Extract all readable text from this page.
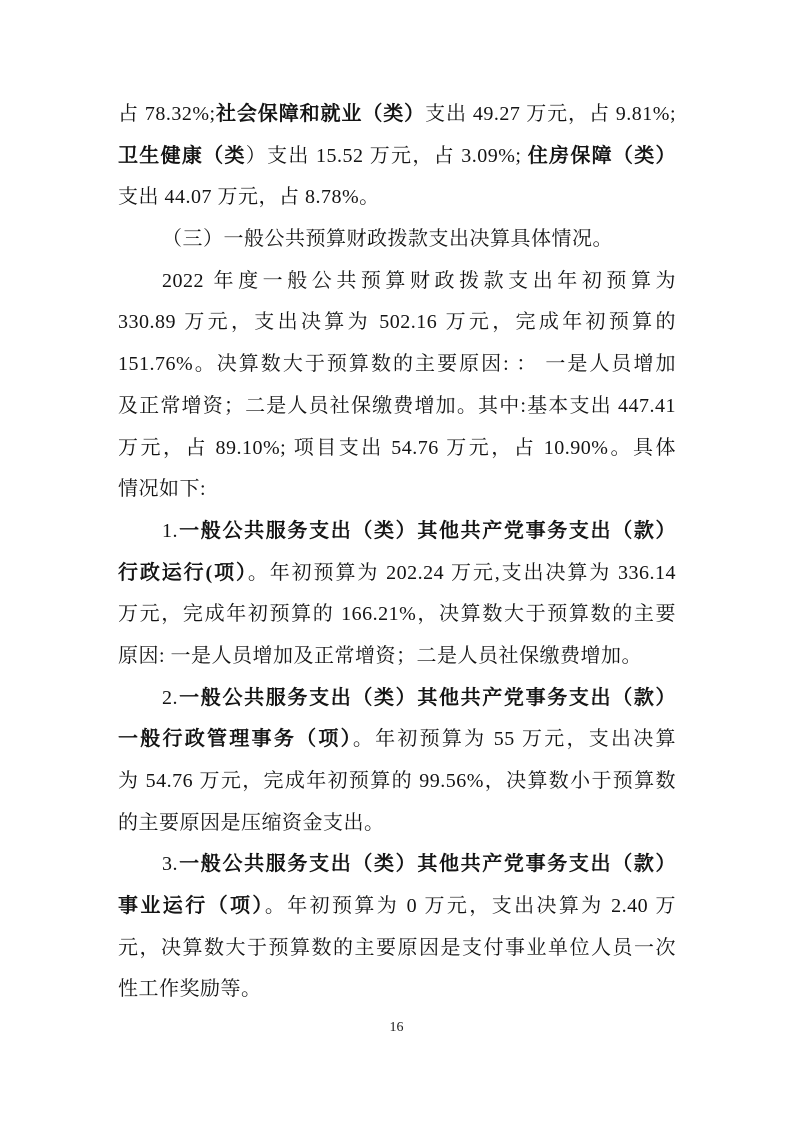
占 78.32%;社会保障和就业（类）支出 49.27 万元，占 9.81%;
卫生健康（类）支出 15.52 万元，占 3.09%; 住房保障（类）
支出 44.07 万元，占 8.78%。
（三）一般公共预算财政拨款支出决算具体情况。
2022 年度一般公共预算财政拨款支出年初预算为
330.89 万元，支出决算为 502.16 万元，完成年初预算的
151.76%。决算数大于预算数的主要原因: ： 一是人员增加
及正常增资；二是人员社保缴费增加。其中:基本支出 447.41
万元，占 89.10%; 项目支出 54.76 万元，占 10.90%。具体
情况如下:
1.一般公共服务支出（类）其他共产党事务支出（款）
行政运行(项）。年初预算为 202.24 万元,支出决算为 336.14
万元，完成年初预算的 166.21%，决算数大于预算数的主要
原因: 一是人员增加及正常增资；二是人员社保缴费增加。
2.一般公共服务支出（类）其他共产党事务支出（款）
一般行政管理事务（项）。年初预算为 55 万元，支出决算
为 54.76 万元，完成年初预算的 99.56%，决算数小于预算数
的主要原因是压缩资金支出。
3.一般公共服务支出（类）其他共产党事务支出（款）
事业运行（项）。年初预算为 0 万元，支出决算为 2.40 万
元，决算数大于预算数的主要原因是支付事业单位人员一次
性工作奖励等。
16
